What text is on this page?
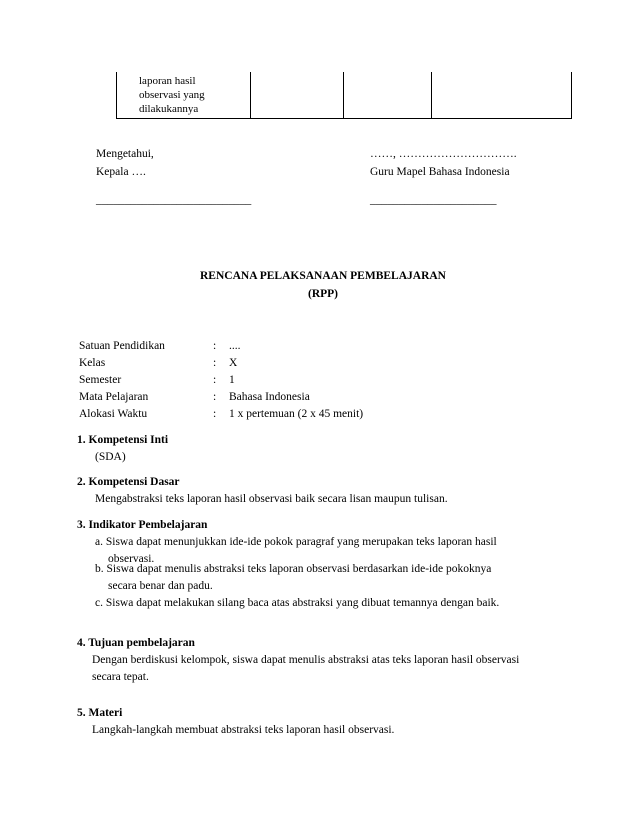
laporan hasil
observasi yang
dilakukannya
Mengetahui,
Kepala ….
___________________________
……, ………………………….
Guru Mapel Bahasa Indonesia
______________________
RENCANA PELAKSANAAN PEMBELAJARAN
(RPP)
Satuan Pendidikan	:	....
Kelas	:	X
Semester	:	1
Mata Pelajaran	:	Bahasa Indonesia
Alokasi Waktu	:	1 x pertemuan (2 x 45 menit)
1. Kompetensi Inti
(SDA)
2. Kompetensi Dasar
Mengabstraksi teks laporan hasil observasi baik secara lisan maupun tulisan.
3. Indikator Pembelajaran
a. Siswa dapat menunjukkan ide-ide pokok paragraf yang merupakan teks laporan hasil
observasi.
b. Siswa dapat menulis abstraksi teks laporan observasi berdasarkan ide-ide pokoknya
secara benar dan padu.
c. Siswa dapat melakukan silang baca atas abstraksi yang dibuat temannya dengan baik.
4. Tujuan pembelajaran
Dengan berdiskusi kelompok, siswa dapat menulis abstraksi atas teks laporan hasil observasi
secara tepat.
5. Materi
Langkah-langkah membuat abstraksi teks laporan hasil observasi.
